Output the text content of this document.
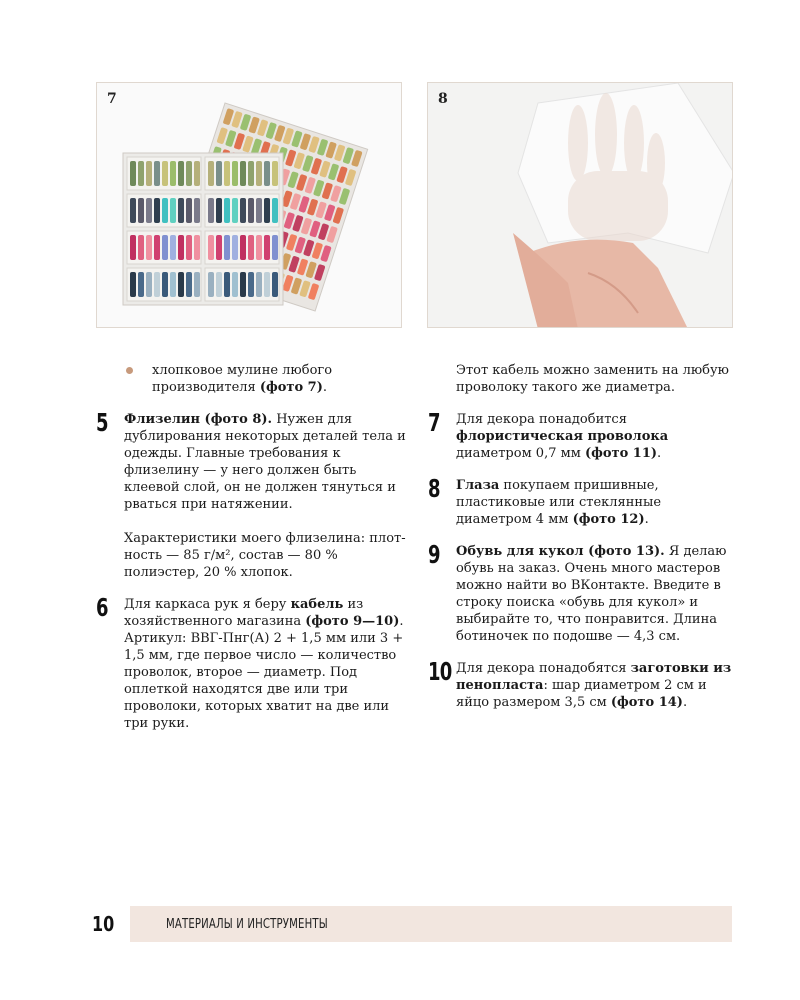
7	8
хлопковое мулине любого производителя (фото 7).
5 Флизелин (фото 8). Нужен для дублирования некоторых деталей тела и одежды. Главные требования к флизелину — у него должен быть клеевой слой, он не должен тянуться и рваться при натяжении.

Характеристики моего флизелина: плотность — 85 г/м², состав — 80 % полиэстер, 20 % хлопок.

6 Для каркаса рук я беру кабель из хозяйственного магазина (фото 9—10). Артикул: ВВГ-Пнг(А) 2 + 1,5 мм или 3 + 1,5 мм, где первое число — количество проволок, второе — диаметр. Под оплеткой находятся две или три проволоки, которых хватит на две или три руки.

Этот кабель можно заменить на любую проволоку такого же диаметра.

7 Для декора понадобится флористическая проволока диаметром 0,7 мм (фото 11).

8 Глаза покупаем пришивные, пластиковые или стеклянные диаметром 4 мм (фото 12).

9 Обувь для кукол (фото 13). Я делаю обувь на заказ. Очень много мастеров можно найти во ВКонтакте. Введите в строку поиска «обувь для кукол» и выбирайте то, что понравится. Длина ботиночек по подошве — 4,3 см.

10 Для декора понадобятся заготовки из пенопласта: шар диаметром 2 см и яйцо размером 3,5 см (фото 14).

10	МАТЕРИАЛЫ И ИНСТРУМЕНТЫ
